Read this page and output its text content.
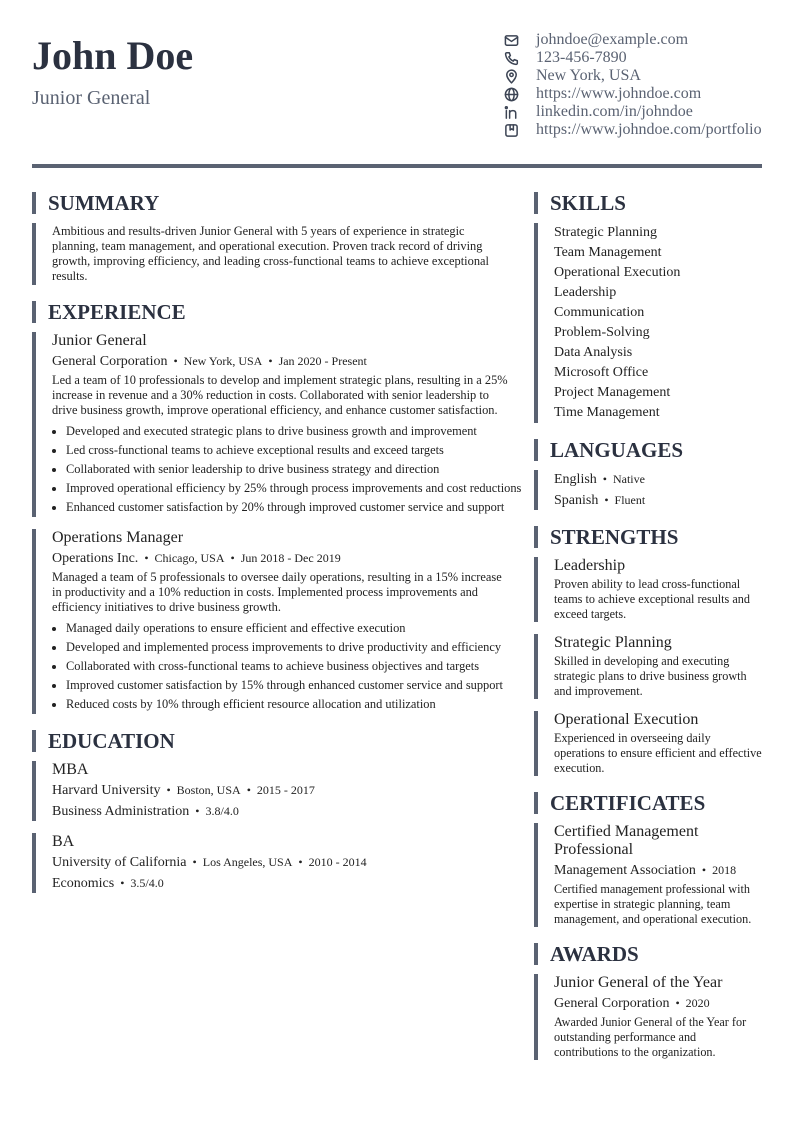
John Doe
Junior General
johndoe@example.com
123-456-7890
New York, USA
https://www.johndoe.com
linkedin.com/in/johndoe
https://www.johndoe.com/portfolio
SUMMARY
Ambitious and results-driven Junior General with 5 years of experience in strategic planning, team management, and operational execution. Proven track record of driving growth, improving efficiency, and leading cross-functional teams to achieve exceptional results.
EXPERIENCE
Junior General
General Corporation • New York, USA • Jan 2020 - Present
Led a team of 10 professionals to develop and implement strategic plans, resulting in a 25% increase in revenue and a 30% reduction in costs. Collaborated with senior leadership to drive business growth, improve operational efficiency, and enhance customer satisfaction.
• Developed and executed strategic plans to drive business growth and improvement
• Led cross-functional teams to achieve exceptional results and exceed targets
• Collaborated with senior leadership to drive business strategy and direction
• Improved operational efficiency by 25% through process improvements and cost reductions
• Enhanced customer satisfaction by 20% through improved customer service and support
Operations Manager
Operations Inc. • Chicago, USA • Jun 2018 - Dec 2019
Managed a team of 5 professionals to oversee daily operations, resulting in a 15% increase in productivity and a 10% reduction in costs. Implemented process improvements and efficiency initiatives to drive business growth.
• Managed daily operations to ensure efficient and effective execution
• Developed and implemented process improvements to drive productivity and efficiency
• Collaborated with cross-functional teams to achieve business objectives and targets
• Improved customer satisfaction by 15% through enhanced customer service and support
• Reduced costs by 10% through efficient resource allocation and utilization
EDUCATION
MBA
Harvard University • Boston, USA • 2015 - 2017
Business Administration • 3.8/4.0
BA
University of California • Los Angeles, USA • 2010 - 2014
Economics • 3.5/4.0
SKILLS
Strategic Planning
Team Management
Operational Execution
Leadership
Communication
Problem-Solving
Data Analysis
Microsoft Office
Project Management
Time Management
LANGUAGES
English • Native
Spanish • Fluent
STRENGTHS
Leadership
Proven ability to lead cross-functional teams to achieve exceptional results and exceed targets.
Strategic Planning
Skilled in developing and executing strategic plans to drive business growth and improvement.
Operational Execution
Experienced in overseeing daily operations to ensure efficient and effective execution.
CERTIFICATES
Certified Management Professional
Management Association • 2018
Certified management professional with expertise in strategic planning, team management, and operational execution.
AWARDS
Junior General of the Year
General Corporation • 2020
Awarded Junior General of the Year for outstanding performance and contributions to the organization.
